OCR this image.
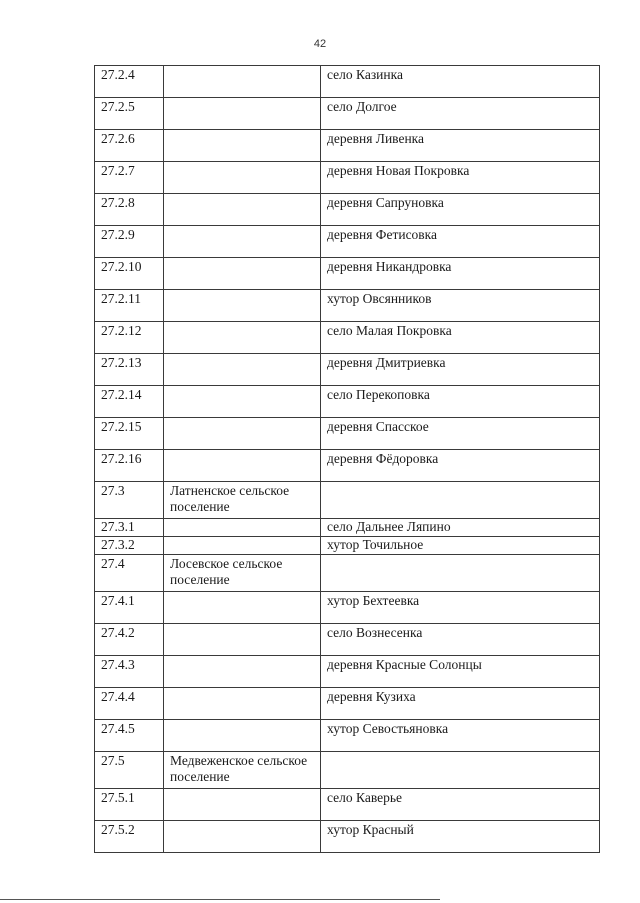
42
27.2.4		село Казинка
27.2.5		село Долгое
27.2.6		деревня Ливенка
27.2.7		деревня Новая Покровка
27.2.8		деревня Сапруновка
27.2.9		деревня Фетисовка
27.2.10		деревня Никандровка
27.2.11		хутор Овсянников
27.2.12		село Малая Покровка
27.2.13		деревня Дмитриевка
27.2.14		село Перекоповка
27.2.15		деревня Спасское
27.2.16		деревня Фёдоровка
27.3	Латненское сельское поселение	
27.3.1		село Дальнее Ляпино
27.3.2		хутор Точильное
27.4	Лосевское сельское поселение	
27.4.1		хутор Бехтеевка
27.4.2		село Вознесенка
27.4.3		деревня Красные Солонцы
27.4.4		деревня Кузиха
27.4.5		хутор Севостьяновка
27.5	Медвеженское сельское поселение	
27.5.1		село Каверье
27.5.2		хутор Красный
